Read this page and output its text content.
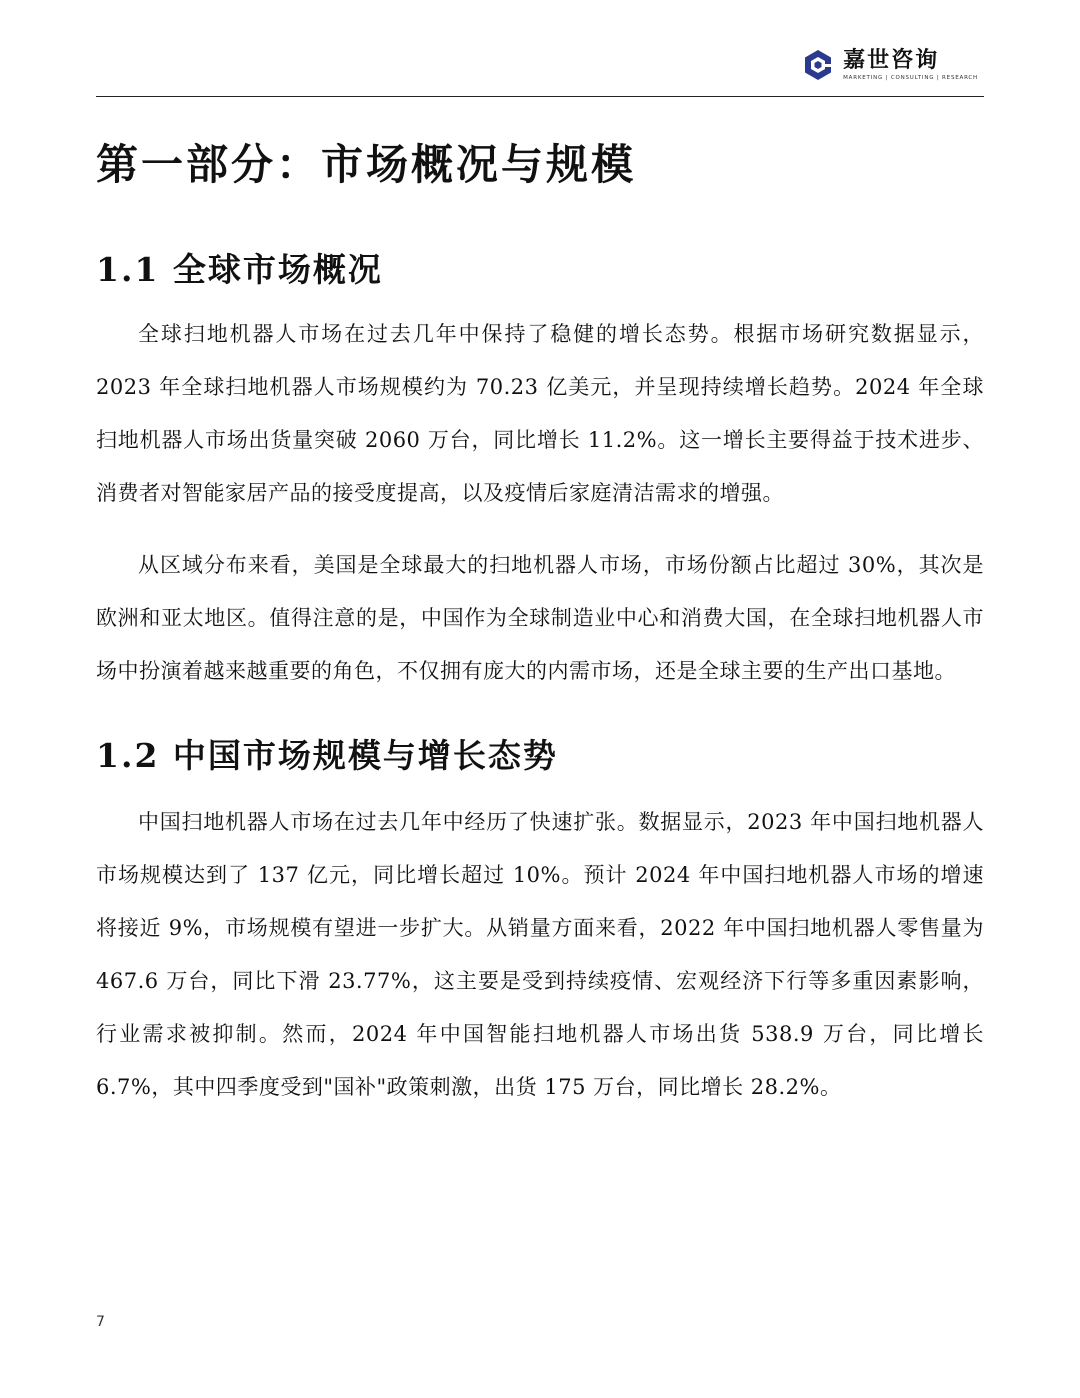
嘉世咨询
MARKETING | CONSULTING | RESEARCH
第一部分：市场概况与规模
1.1 全球市场概况

全球扫地机器人市场在过去几年中保持了稳健的增长态势。根据市场研究数据显示，2023 年全球扫地机器人市场规模约为 70.23 亿美元，并呈现持续增长趋势。2024 年全球扫地机器人市场出货量突破 2060 万台，同比增长 11.2%。这一增长主要得益于技术进步、消费者对智能家居产品的接受度提高，以及疫情后家庭清洁需求的增强。

从区域分布来看，美国是全球最大的扫地机器人市场，市场份额占比超过 30%，其次是欧洲和亚太地区。值得注意的是，中国作为全球制造业中心和消费大国，在全球扫地机器人市场中扮演着越来越重要的角色，不仅拥有庞大的内需市场，还是全球主要的生产出口基地。

1.2 中国市场规模与增长态势

中国扫地机器人市场在过去几年中经历了快速扩张。数据显示，2023 年中国扫地机器人市场规模达到了 137 亿元，同比增长超过 10%。预计 2024 年中国扫地机器人市场的增速将接近 9%，市场规模有望进一步扩大。从销量方面来看，2022 年中国扫地机器人零售量为 467.6 万台，同比下滑 23.77%，这主要是受到持续疫情、宏观经济下行等多重因素影响，行业需求被抑制。然而，2024 年中国智能扫地机器人市场出货 538.9 万台，同比增长 6.7%，其中四季度受到"国补"政策刺激，出货 175 万台，同比增长 28.2%。

7
